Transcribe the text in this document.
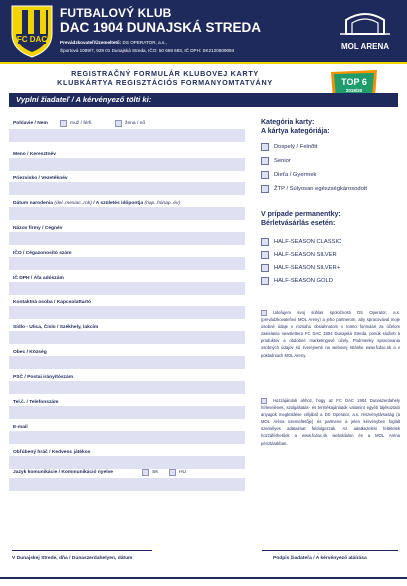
FC DAC
FUTBALOVÝ KLUB
DAC 1904 DUNAJSKÁ STREDA
Prevádzkovateľ/Üzemeltető: DS OPERATOR, a.s.,
Športová 1089/7, 929 01 Dunajská Streda, IČO: 50 668 683, IČ DPH: SK2120509094	MOL ARENA
REGISTRAČNÝ FORMULÁR KLUBOVEJ KARTY
KLUBKÁRTYA REGISZTÁCIÓS FORMANYOMTATVÁNY	TOP 6
2019/20
Vyplní žiadateľ / A kérvényező tölti ki:
Pohlavie / Nem	muž / férfi	žena / nő
Meno / Keresztnév
Priezvisko / Vezetéknév
Dátum narodenia (del..mesiac..rok) / A születés időpontja (nap..hónap..év)
Názov firmy / Cégnév
IČO / Cégazonosító szám
IČ DPH / Áfa adószám
Kontaktná osoba / Kapcsolattartó
Sídlo - Ulica, Číslo / Székhely, lakcím
Obec / Község
PSČ / Postai irányítószám
Tel.č. / Telefonszám
E-mail
Obľúbený hráč / Kedvenc játékos
Jazyk komunikácie / Kommunikáció nyelve	SK	HU
Kategória karty:
A kártya kategóriája:
Dospelý / Felnőtt
Senior
Dieťa / Gyermek
ŽTP / Súlyosan egészségkárosodott
V prípade permanentky:
Bérletvásárlás esetén:
HALF-SEASON CLASSIC
HALF-SEASON SILVER
HALF-SEASON SILVER+
HALF-SEASON GOLD
Udeľujem svoj súhlas spoločnosti DS Operator, a.s. (prevádzkovateľovi MOL Areny) a jeho partnerom, aby spracovával moje osobné údaje v rozsahu obsiahnutom v tomto formulári za účelom zasielania newslettera FC DAC 1904 Dunajská Streda, ponúk služieb a produktov a obdobné marketingové účely. Podmienky spracovania osobných údajov sú zverejnené na webovej stránke www.fcdac.sk a v pokladniach MOL Areny.
Hozzájárulok ahhoz, hogy az FC DAC 1904 Dunaszerdahely hírlevelének, szolgáltatás- és termékajánlatok valamint egyéb tájékoztató anyagok megküldése céljából a DS Operator, a.s. részvénytársaság (a MOL Aréna üzemeltetője) és partnerei a jelen kérvényben foglalt személyes adataimat feldolgozzák. Az adatkezelési feltételek hozzáférhetőek a www.fcdac.sk weboldalon és a MOL Aréna pénztárakban.
V Dunajskej Strede, dňa / Dunaszerdahelyen, dátum	Podpis žiadateľa / A kérvényező aláírása
